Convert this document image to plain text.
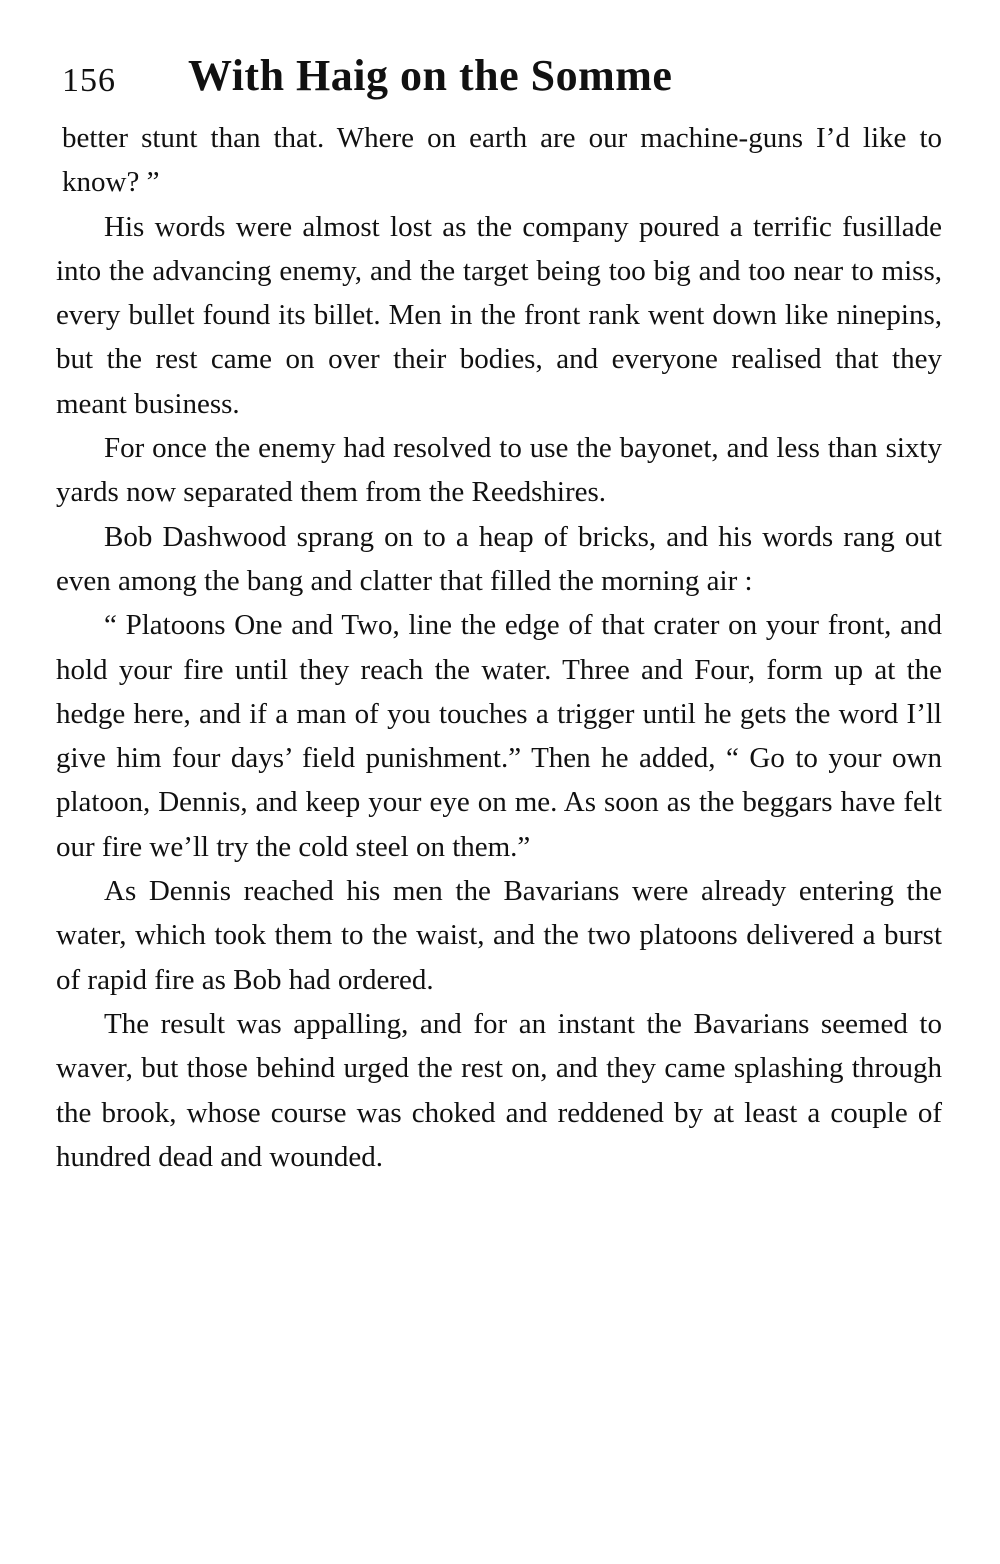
156 With Haig on the Somme

better stunt than that. Where on earth are our machine-guns I’d like to know? ”

His words were almost lost as the company poured a terrific fusillade into the advancing enemy, and the target being too big and too near to miss, every bullet found its billet. Men in the front rank went down like ninepins, but the rest came on over their bodies, and everyone realised that they meant business.

For once the enemy had resolved to use the bayonet, and less than sixty yards now separated them from the Reedshires.

Bob Dashwood sprang on to a heap of bricks, and his words rang out even among the bang and clatter that filled the morning air :

“ Platoons One and Two, line the edge of that crater on your front, and hold your fire until they reach the water. Three and Four, form up at the hedge here, and if a man of you touches a trigger until he gets the word I’ll give him four days’ field punishment.” Then he added, “ Go to your own platoon, Dennis, and keep your eye on me. As soon as the beggars have felt our fire we’ll try the cold steel on them.”

As Dennis reached his men the Bavarians were already entering the water, which took them to the waist, and the two platoons delivered a burst of rapid fire as Bob had ordered.

The result was appalling, and for an instant the Bavarians seemed to waver, but those behind urged the rest on, and they came splashing through the brook, whose course was choked and reddened by at least a couple of hundred dead and wounded.
